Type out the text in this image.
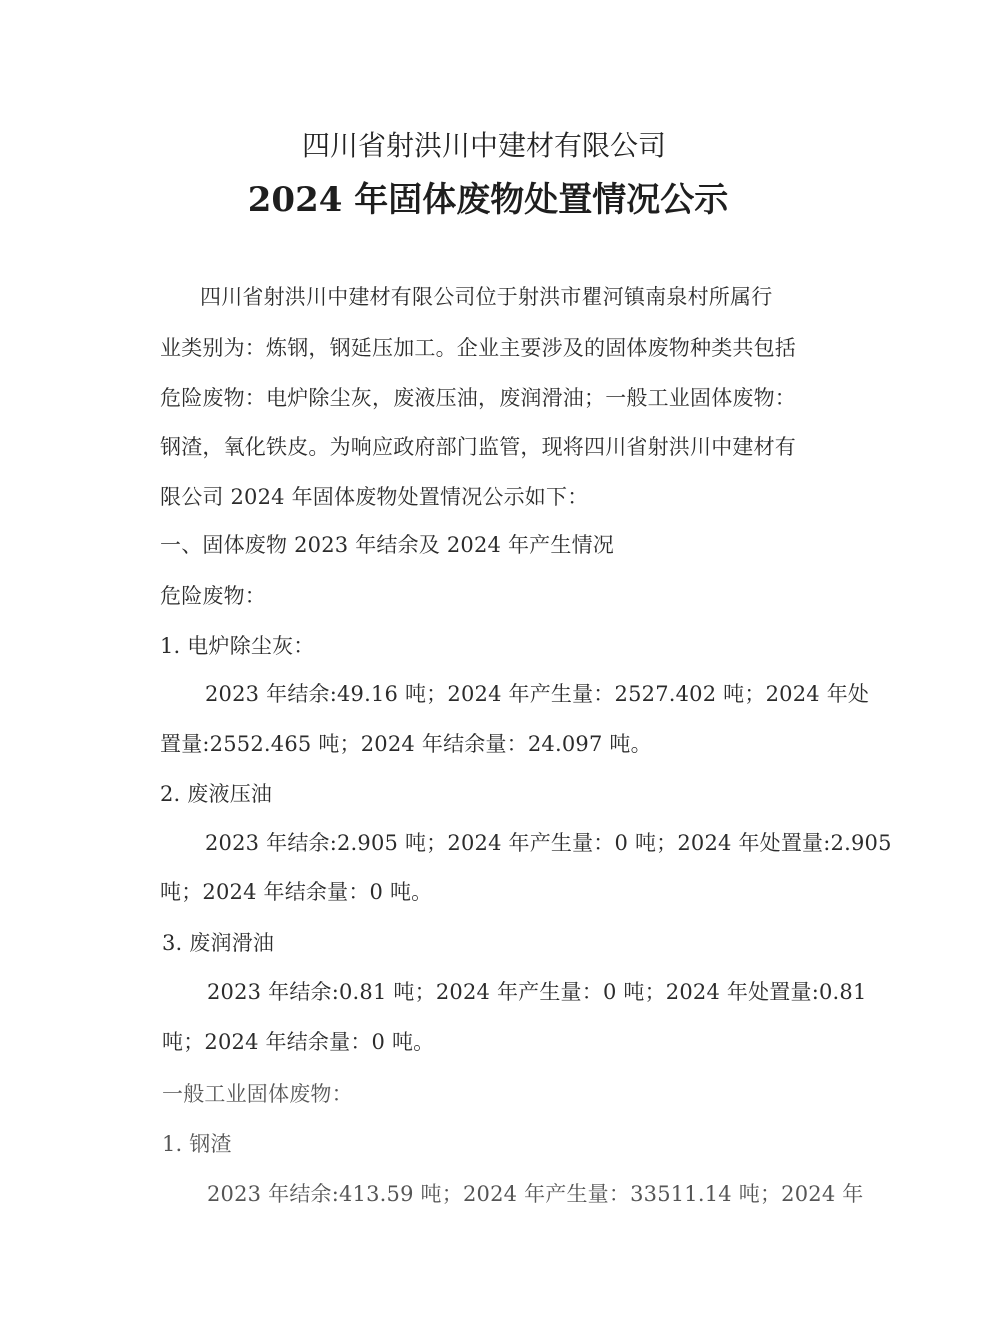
四川省射洪川中建材有限公司
2024 年固体废物处置情况公示
四川省射洪川中建材有限公司位于射洪市瞿河镇南泉村所属行
业类别为：炼钢，钢延压加工。企业主要涉及的固体废物种类共包括
危险废物：电炉除尘灰，废液压油，废润滑油；一般工业固体废物：
钢渣，氧化铁皮。为响应政府部门监管，现将四川省射洪川中建材有
限公司 2024 年固体废物处置情况公示如下：
一、固体废物 2023 年结余及 2024 年产生情况
危险废物：
1. 电炉除尘灰：
2023 年结余:49.16 吨；2024 年产生量：2527.402 吨；2024 年处
置量:2552.465 吨；2024 年结余量：24.097 吨。
2. 废液压油
2023 年结余:2.905 吨；2024 年产生量：0 吨；2024 年处置量:2.905
吨；2024 年结余量：0 吨。
3. 废润滑油
2023 年结余:0.81 吨；2024 年产生量：0 吨；2024 年处置量:0.81
吨；2024 年结余量：0 吨。
一般工业固体废物：
1. 钢渣
2023 年结余:413.59 吨；2024 年产生量：33511.14 吨；2024 年
